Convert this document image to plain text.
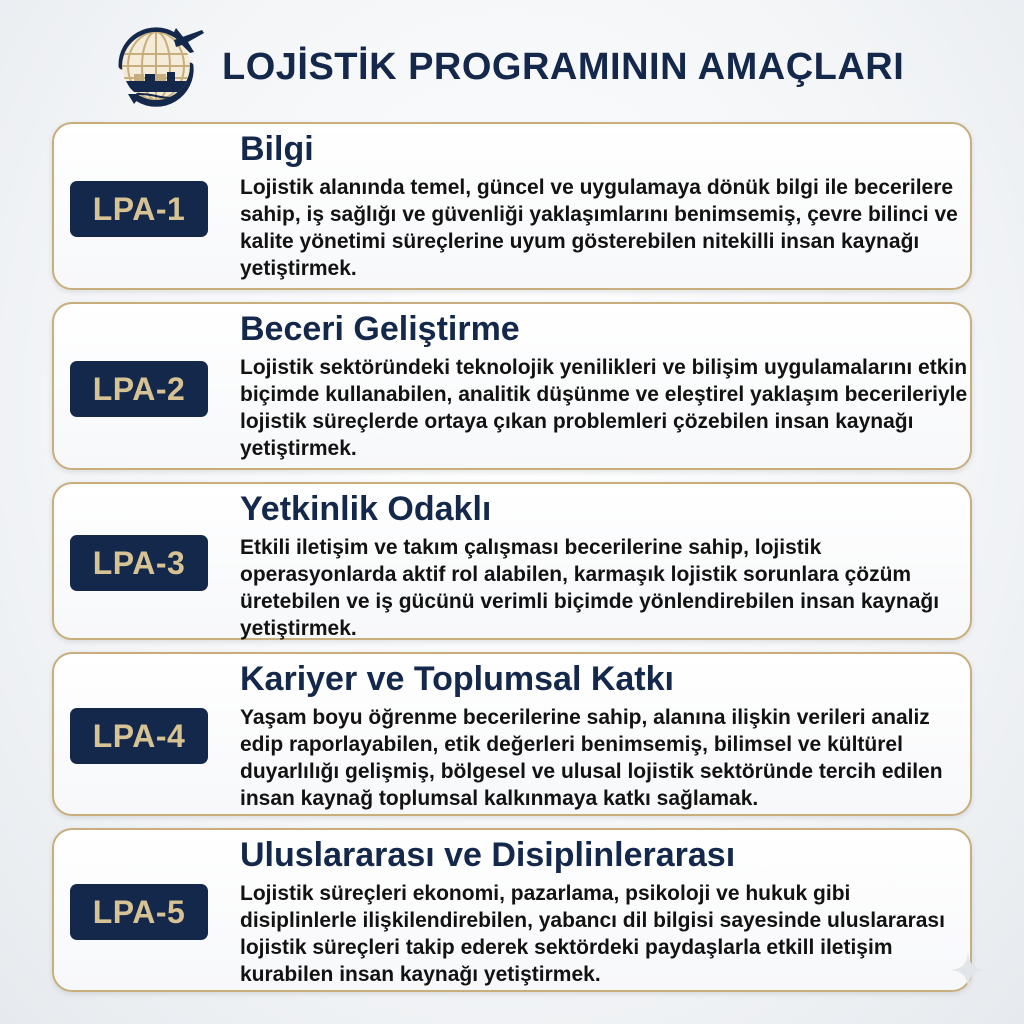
LOJİSTİK PROGRAMININ AMAÇLARI
LPA-1
Bilgi

Lojistik alanında temel, güncel ve uygulamaya dönük bilgi ile becerilere sahip, iş sağlığı ve güvenliği yaklaşımlarını benimsemiş, çevre bilinci ve kalite yönetimi süreçlerine uyum gösterebilen nitekilli insan kaynağı yetiştirmek.

LPA-2
Beceri Geliştirme

Lojistik sektöründeki teknolojik yenilikleri ve bilişim uygulamalarını etkin biçimde kullanabilen, analitik düşünme ve eleştirel yaklaşım becerileriyle lojistik süreçlerde ortaya çıkan problemleri çözebilen insan kaynağı yetiştirmek.

LPA-3
Yetkinlik Odaklı

Etkili iletişim ve takım çalışması becerilerine sahip, lojistik operasyonlarda aktif rol alabilen, karmaşık lojistik sorunlara çözüm üretebilen ve iş gücünü verimli biçimde yönlendirebilen insan kaynağı yetiştirmek.

LPA-4
Kariyer ve Toplumsal Katkı

Yaşam boyu öğrenme becerilerine sahip, alanına ilişkin verileri analiz edip raporlayabilen, etik değerleri benimsemiş, bilimsel ve kültürel duyarlılığı gelişmiş, bölgesel ve ulusal lojistik sektöründe tercih edilen insan kaynağ toplumsal kalkınmaya katkı sağlamak.

LPA-5
Uluslararası ve Disiplinlerarası

Lojistik süreçleri ekonomi, pazarlama, psikoloji ve hukuk gibi disiplinlerle ilişkilendirebilen, yabancı dil bilgisi sayesinde uluslararası lojistik süreçleri takip ederek sektördeki paydaşlarla etkill iletişim kurabilen insan kaynağı yetiştirmek.
